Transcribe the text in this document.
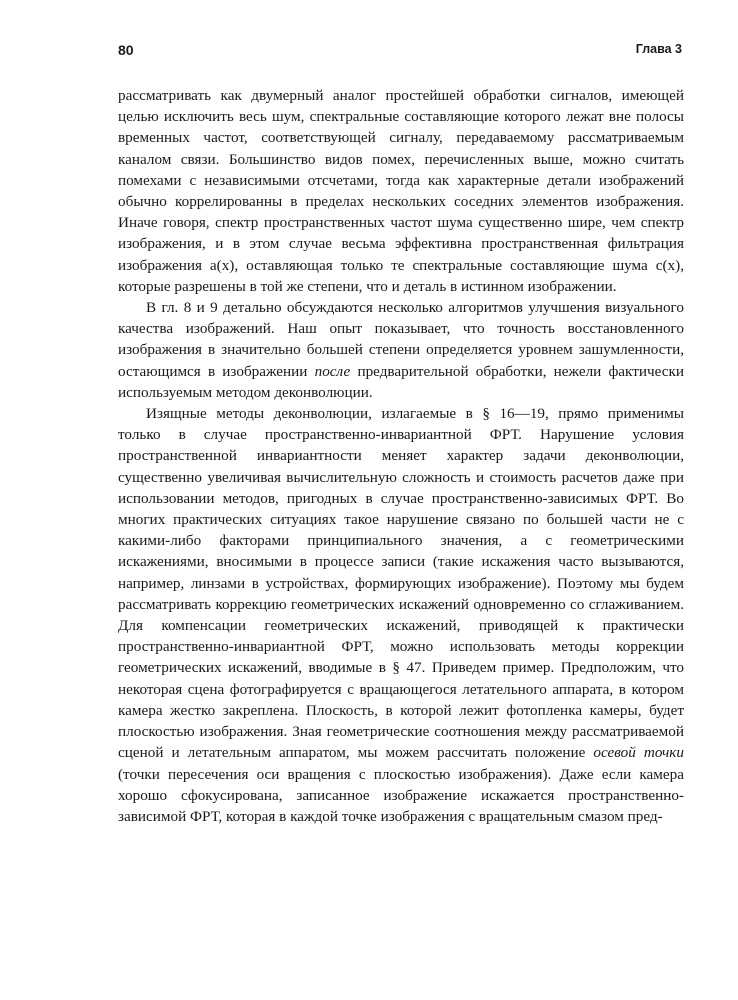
80	Глава 3

рассматривать как двумерный аналог простейшей обработки сигналов, имеющей целью исключить весь шум, спектральные составляющие которого лежат вне полосы временных частот, соответствующей сигналу, передаваемому рассматриваемым каналом связи. Большинство видов помех, перечисленных выше, можно считать помехами с независимыми отсчетами, тогда как характерные детали изображений обычно коррелированны в пределах нескольких соседних элементов изображения. Иначе говоря, спектр пространственных частот шума существенно шире, чем спектр изображения, и в этом случае весьма эффективна пространственная фильтрация изображения a(x), оставляющая только те спектральные составляющие шума c(x), которые разрешены в той же степени, что и деталь в истинном изображении.

В гл. 8 и 9 детально обсуждаются несколько алгоритмов улучшения визуального качества изображений. Наш опыт показывает, что точность восстановленного изображения в значительно большей степени определяется уровнем зашумленности, остающимся в изображении после предварительной обработки, нежели фактически используемым методом деконволюции.

Изящные методы деконволюции, излагаемые в § 16—19, прямо применимы только в случае пространственно-инвариантной ФРТ. Нарушение условия пространственной инвариантности меняет характер задачи деконволюции, существенно увеличивая вычислительную сложность и стоимость расчетов даже при использовании методов, пригодных в случае пространственно-зависимых ФРТ. Во многих практических ситуациях такое нарушение связано по большей части не с какими-либо факторами принципиального значения, а с геометрическими искажениями, вносимыми в процессе записи (такие искажения часто вызываются, например, линзами в устройствах, формирующих изображение). Поэтому мы будем рассматривать коррекцию геометрических искажений одновременно со сглаживанием. Для компенсации геометрических искажений, приводящей к практически пространственно-инвариантной ФРТ, можно использовать методы коррекции геометрических искажений, вводимые в § 47. Приведем пример. Предположим, что некоторая сцена фотографируется с вращающегося летательного аппарата, в котором камера жестко закреплена. Плоскость, в которой лежит фотопленка камеры, будет плоскостью изображения. Зная геометрические соотношения между рассматриваемой сценой и летательным аппаратом, мы можем рассчитать положение осевой точки (точки пересечения оси вращения с плоскостью изображения). Даже если камера хорошо сфокусирована, записанное изображение искажается пространственно-зависимой ФРТ, которая в каждой точке изображения с вращательным смазом пред-
